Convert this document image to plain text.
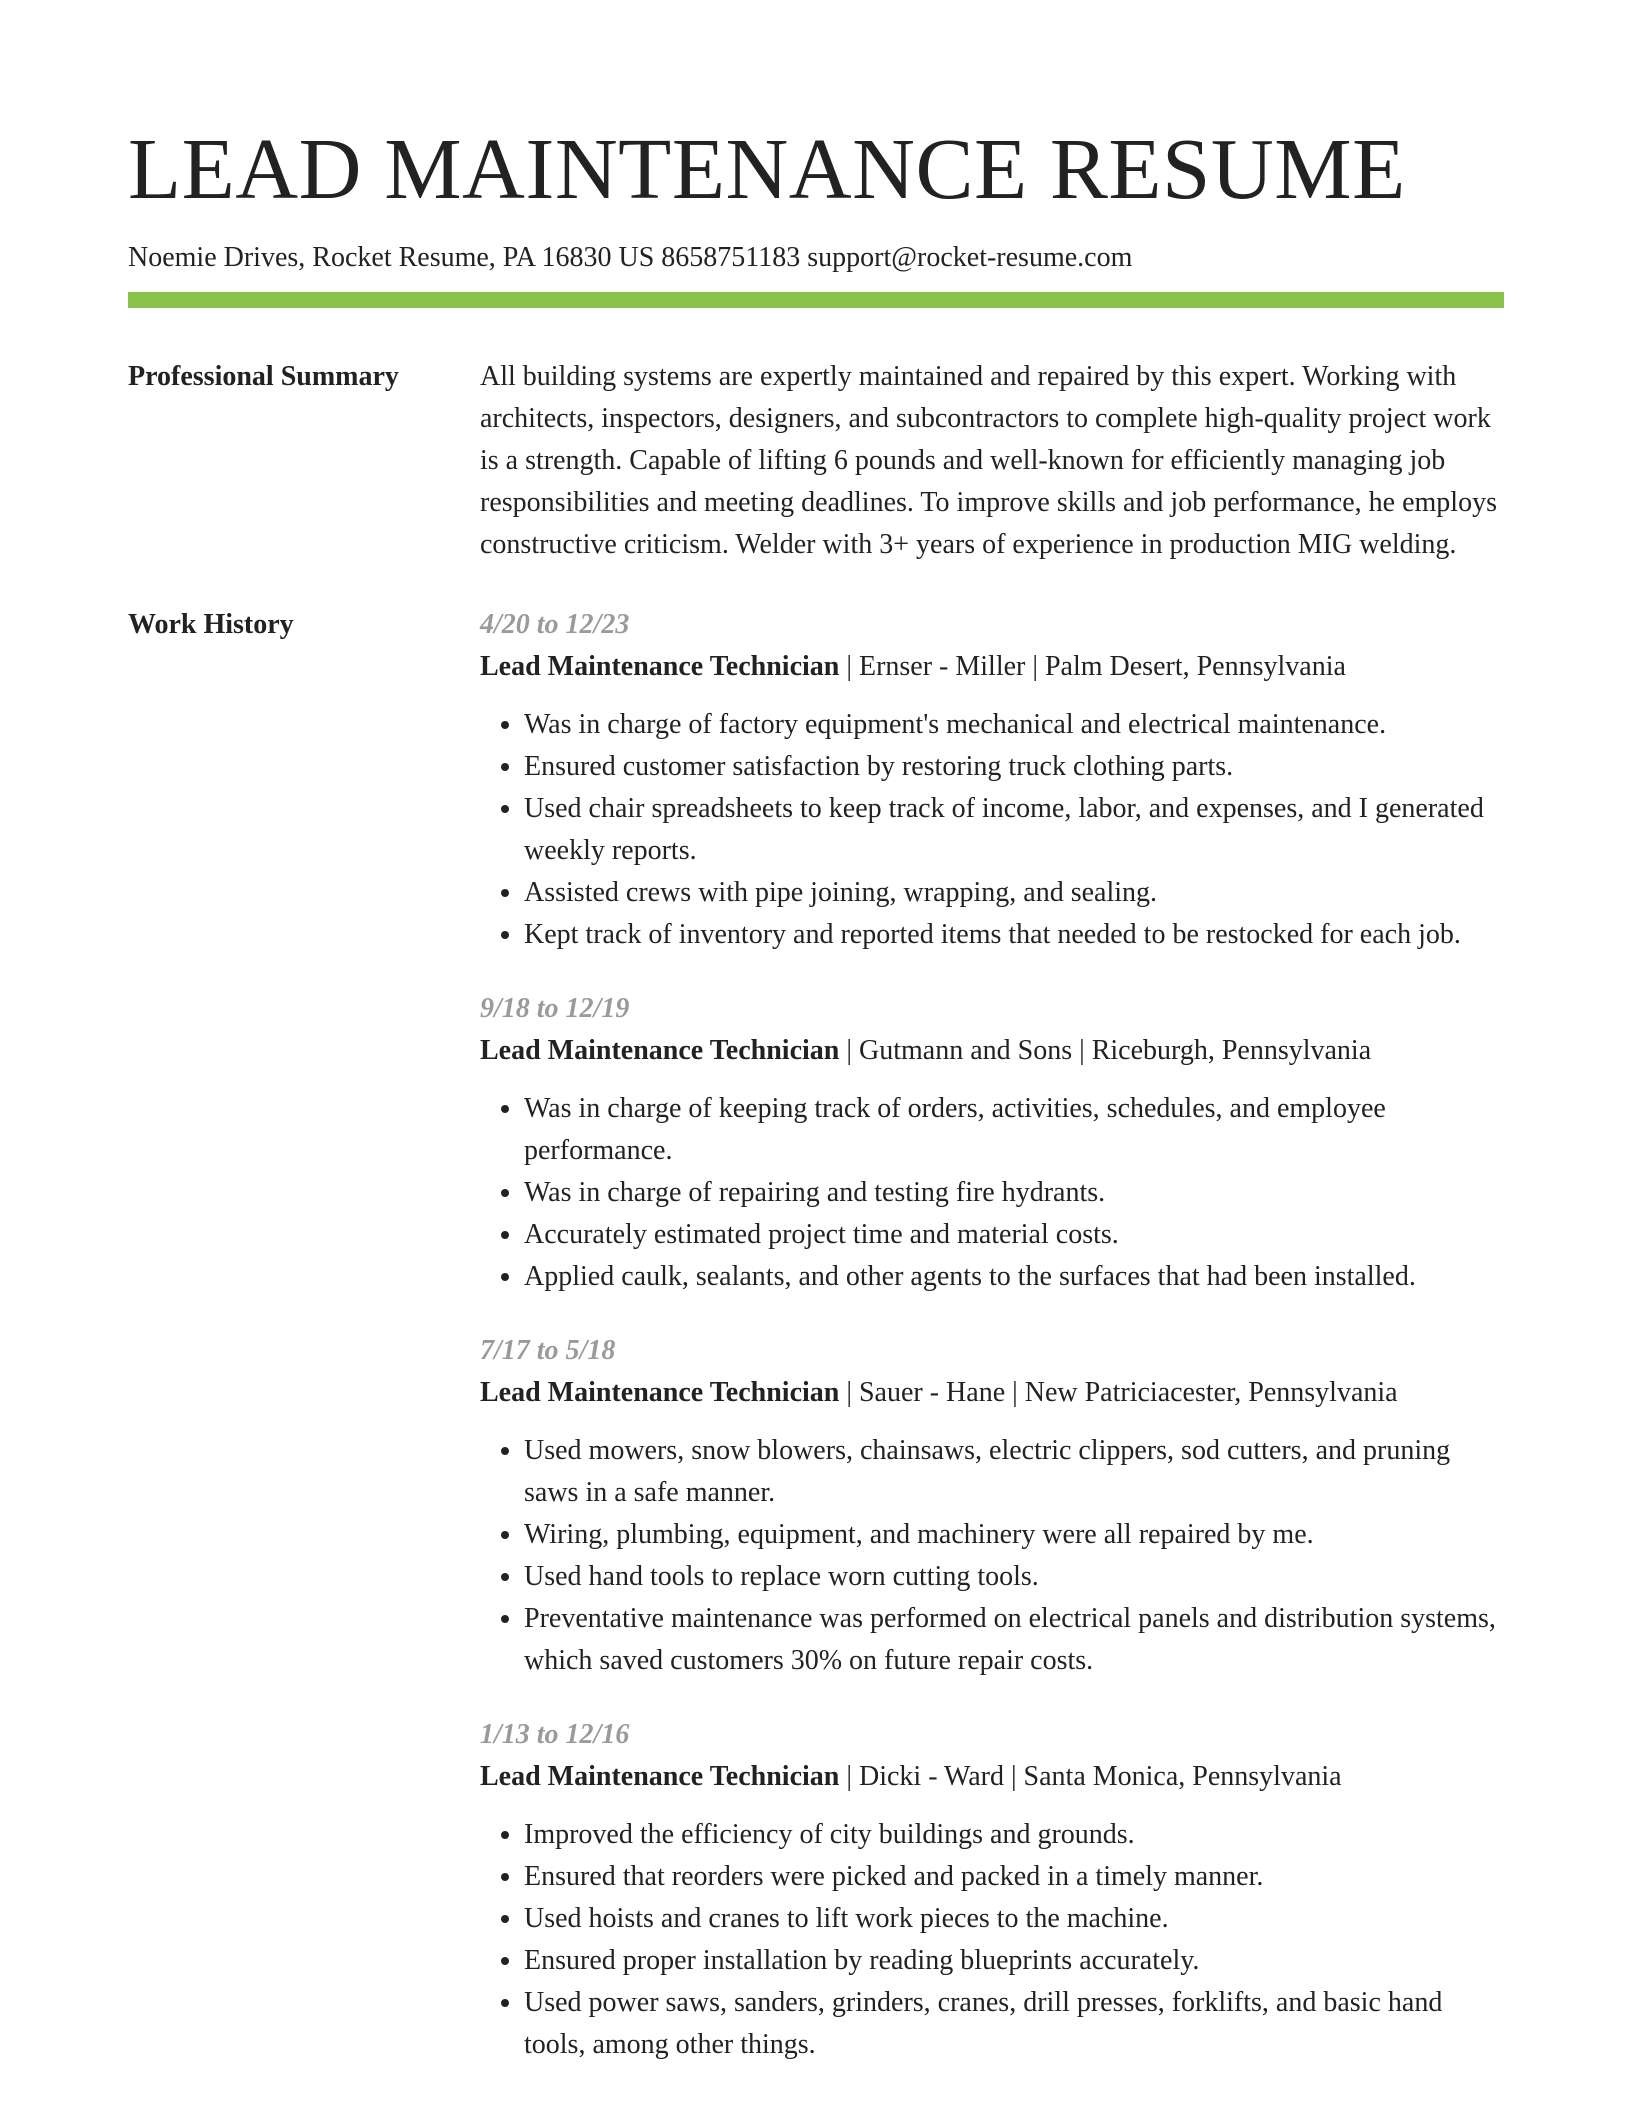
LEAD MAINTENANCE RESUME
Noemie Drives, Rocket Resume, PA 16830 US 8658751183 support@rocket-resume.com
Professional Summary	All building systems are expertly maintained and repaired by this expert. Working with architects, inspectors, designers, and subcontractors to complete high-quality project work is a strength. Capable of lifting 6 pounds and well-known for efficiently managing job responsibilities and meeting deadlines. To improve skills and job performance, he employs constructive criticism. Welder with 3+ years of experience in production MIG welding.

Work History	4/20 to 12/23
Lead Maintenance Technician | Ernser - Miller | Palm Desert, Pennsylvania
• Was in charge of factory equipment's mechanical and electrical maintenance.
• Ensured customer satisfaction by restoring truck clothing parts.
• Used chair spreadsheets to keep track of income, labor, and expenses, and I generated weekly reports.
• Assisted crews with pipe joining, wrapping, and sealing.
• Kept track of inventory and reported items that needed to be restocked for each job.
9/18 to 12/19
Lead Maintenance Technician | Gutmann and Sons | Riceburgh, Pennsylvania
• Was in charge of keeping track of orders, activities, schedules, and employee performance.
• Was in charge of repairing and testing fire hydrants.
• Accurately estimated project time and material costs.
• Applied caulk, sealants, and other agents to the surfaces that had been installed.
7/17 to 5/18
Lead Maintenance Technician | Sauer - Hane | New Patriciacester, Pennsylvania
• Used mowers, snow blowers, chainsaws, electric clippers, sod cutters, and pruning saws in a safe manner.
• Wiring, plumbing, equipment, and machinery were all repaired by me.
• Used hand tools to replace worn cutting tools.
• Preventative maintenance was performed on electrical panels and distribution systems, which saved customers 30% on future repair costs.
1/13 to 12/16
Lead Maintenance Technician | Dicki - Ward | Santa Monica, Pennsylvania
• Improved the efficiency of city buildings and grounds.
• Ensured that reorders were picked and packed in a timely manner.
• Used hoists and cranes to lift work pieces to the machine.
• Ensured proper installation by reading blueprints accurately.
• Used power saws, sanders, grinders, cranes, drill presses, forklifts, and basic hand tools, among other things.
